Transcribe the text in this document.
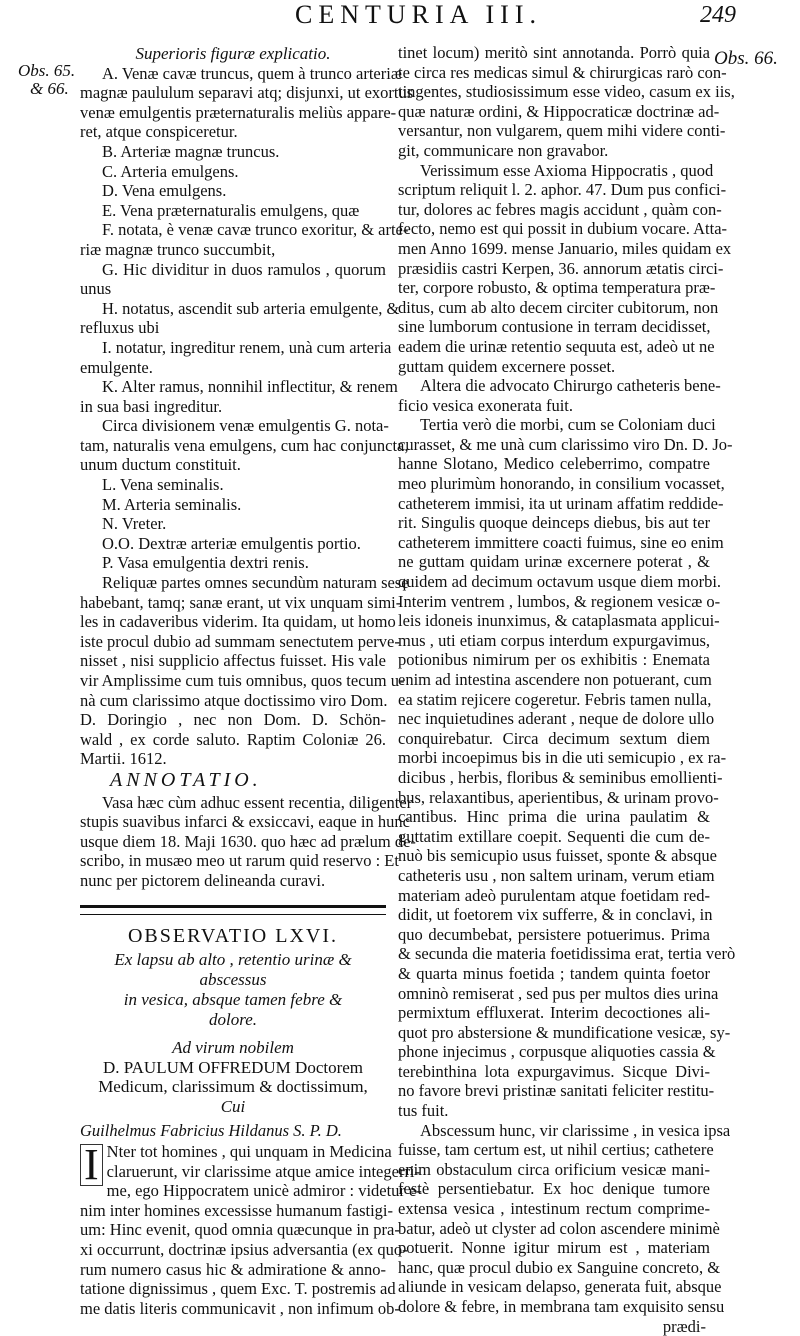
CENTURIA III.	249
Obs. 65.
& 66.
Obs. 66.
Superioris figuræ explicatio.
A. Venæ cavæ truncus, quem à trunco arteriæ
magnæ paululum separavi atq; disjunxi, ut exortus
venæ emulgentis præternaturalis meliùs appare-
ret, atque conspiceretur.
B. Arteriæ magnæ truncus.
C. Arteria emulgens.
D. Vena emulgens.
E. Vena præternaturalis emulgens, quæ
F. notata, è venæ cavæ trunco exoritur, & arte-
riæ magnæ trunco succumbit,
G. Hic dividitur in duos ramulos , quorum
unus
H. notatus, ascendit sub arteria emulgente, &
refluxus ubi
I. notatur, ingreditur renem, unà cum arteria
emulgente.
K. Alter ramus, nonnihil inflectitur, & renem
in sua basi ingreditur.
Circa divisionem venæ emulgentis G. nota-
tam, naturalis vena emulgens, cum hac conjuncta,
unum ductum constituit.
L. Vena seminalis.
M. Arteria seminalis.
N. Vreter.
O.O. Dextræ arteriæ emulgentis portio.
P. Vasa emulgentia dextri renis.
Reliquæ partes omnes secundùm naturam sese
habebant, tamq; sanæ erant, ut vix unquam simi-
les in cadaveribus viderim. Ita quidam, ut homo
iste procul dubio ad summam senectutem perve-
nisset , nisi supplicio affectus fuisset. His vale
vir Amplissime cum tuis omnibus, quos tecum u-
nà cum clarissimo atque doctissimo viro Dom.
D. Doringio , nec non Dom. D. Schön-
wald , ex corde saluto. Raptim Coloniæ 26.
Martii. 1612.
ANNOTATIO.
Vasa hæc cùm adhuc essent recentia, diligenter
stupis suavibus infarci & exsiccavi, eaque in hunc
usque diem 18. Maji 1630. quo hæc ad prælum de-
scribo, in musæo meo ut rarum quid reservo : Et
nunc per pictorem delineanda curavi.
OBSERVATIO LXVI.
Ex lapsu ab alto , retentio urinæ & abscessus
in vesica, absque tamen febre &
dolore.
Ad virum nobilem
D. PAULUM OFFREDUM Doctorem
Medicum, clarissimum & doctissimum,
Cui
Guilhelmus Fabricius Hildanus S. P. D.
I Nter tot homines , qui unquam in Medicina
claruerunt, vir clarissime atque amice integerri-
me, ego Hippocratem unicè admiror : videtur e-
nim inter homines excessisse humanum fastigi-
um: Hinc evenit, quod omnia quæcunque in pra-
xi occurrunt, doctrinæ ipsius adversantia (ex quo-
rum numero casus hic & admiratione & anno-
tatione dignissimus , quem Exc. T. postremis ad
me datis literis communicavit , non infimum ob-
tinet locum) meritò sint annotanda. Porrò quia
te circa res medicas simul & chirurgicas rarò con-
tingentes, studiosissimum esse video, casum ex iis,
quæ naturæ ordini, & Hippocraticæ doctrinæ ad-
versantur, non vulgarem, quem mihi videre conti-
git, communicare non gravabor.
Verissimum esse Axioma Hippocratis , quod
scriptum reliquit l. 2. aphor. 47. Dum pus confici-
tur, dolores ac febres magis accidunt , quàm con-
fecto, nemo est qui possit in dubium vocare. Atta-
men Anno 1699. mense Januario, miles quidam ex
præsidiis castri Kerpen, 36. annorum ætatis circi-
ter, corpore robusto, & optima temperatura præ-
ditus, cum ab alto decem circiter cubitorum, non
sine lumborum contusione in terram decidisset,
eadem die urinæ retentio sequuta est, adeò ut ne
guttam quidem excernere posset.
Altera die advocato Chirurgo catheteris bene-
ficio vesica exonerata fuit.
Tertia verò die morbi, cum se Coloniam duci
curasset, & me unà cum clarissimo viro Dn. D. Jo-
hanne Slotano, Medico celeberrimo, compatre
meo plurimùm honorando, in consilium vocasset,
catheterem immisi, ita ut urinam affatim reddide-
rit. Singulis quoque deinceps diebus, bis aut ter
catheterem immittere coacti fuimus, sine eo enim
ne guttam quidam urinæ excernere poterat , &
quidem ad decimum octavum usque diem morbi.
Interim ventrem , lumbos, & regionem vesicæ o-
leis idoneis inunximus, & cataplasmata applicui-
mus , uti etiam corpus interdum expurgavimus,
potionibus nimirum per os exhibitis : Enemata
enim ad intestina ascendere non potuerant, cum
ea statim rejicere cogeretur. Febris tamen nulla,
nec inquietudines aderant , neque de dolore ullo
conquirebatur. Circa decimum sextum diem
morbi incoepimus bis in die uti semicupio , ex ra-
dicibus , herbis, floribus & seminibus emollienti-
bus, relaxantibus, aperientibus, & urinam provo-
cantibus. Hinc prima die urina paulatim &
guttatim extillare coepit. Sequenti die cum de-
nuò bis semicupio usus fuisset, sponte & absque
catheteris usu , non saltem urinam, verum etiam
materiam adeò purulentam atque foetidam red-
didit, ut foetorem vix sufferre, & in conclavi, in
quo decumbebat, persistere potuerimus. Prima
& secunda die materia foetidissima erat, tertia verò
& quarta minus foetida ; tandem quinta foetor
omninò remiserat , sed pus per multos dies urina
permixtum effluxerat. Interim decoctiones ali-
quot pro abstersione & mundificatione vesicæ, sy-
phone injecimus , corpusque aliquoties cassia &
terebinthina lota expurgavimus. Sicque Divi-
no favore brevi pristinæ sanitati feliciter restitu-
tus fuit.
Abscessum hunc, vir clarissime , in vesica ipsa
fuisse, tam certum est, ut nihil certius; cathetere
enim obstaculum circa orificium vesicæ mani-
festè persentiebatur. Ex hoc denique tumore
extensa vesica , intestinum rectum comprime-
batur, adeò ut clyster ad colon ascendere minimè
potuerit. Nonne igitur mirum est , materiam
hanc, quæ procul dubio ex Sanguine concreto, &
aliunde in vesicam delapso, generata fuit, absque
dolore & febre, in membrana tam exquisito sensu
prædi-
